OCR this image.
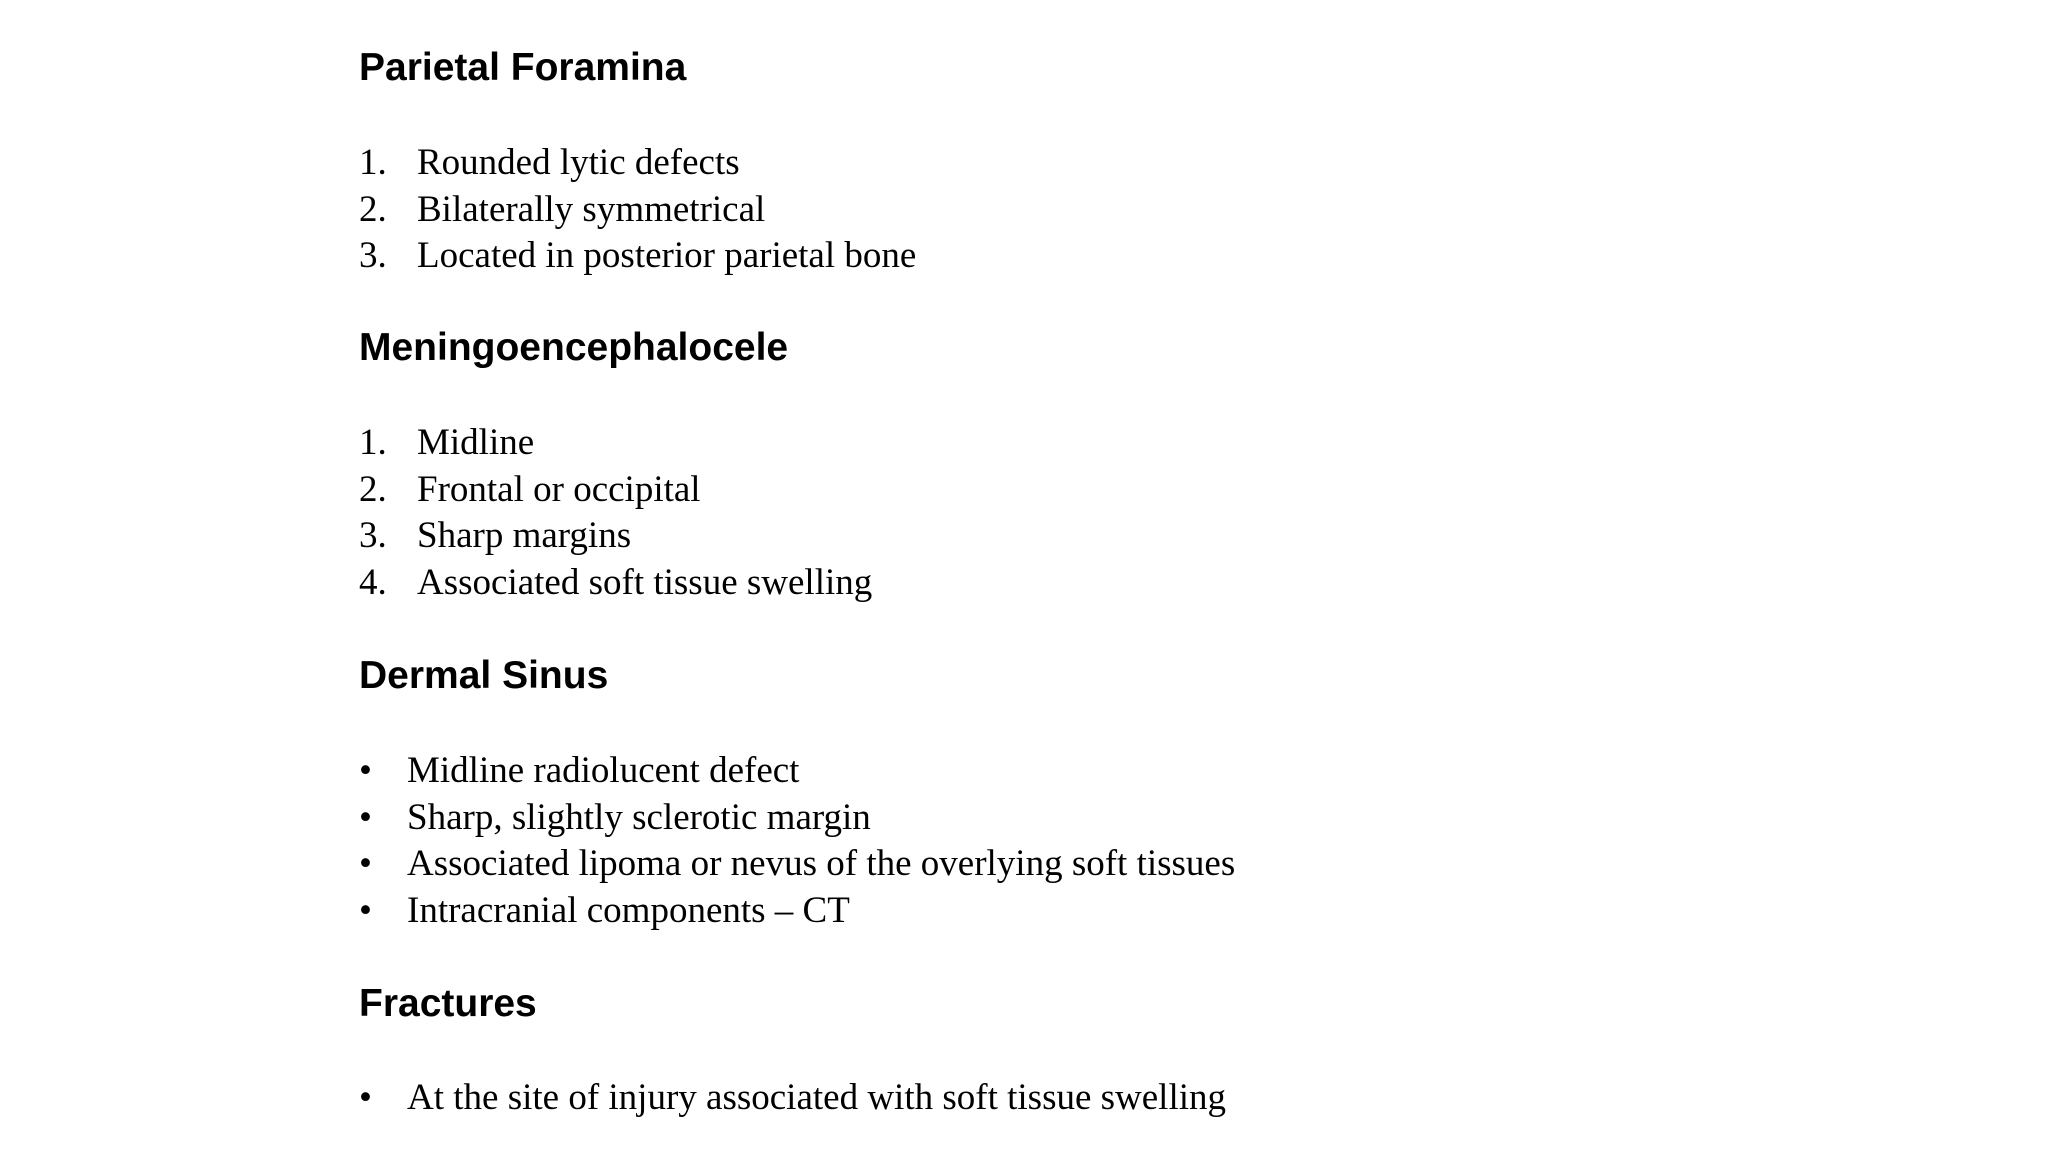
Parietal Foramina
1. Rounded lytic defects
2. Bilaterally symmetrical
3. Located in posterior parietal bone
Meningoencephalocele
1. Midline
2. Frontal or occipital
3. Sharp margins
4. Associated soft tissue swelling
Dermal Sinus
• Midline radiolucent defect
• Sharp, slightly sclerotic margin
• Associated lipoma or nevus of the overlying soft tissues
• Intracranial components – CT
Fractures
• At the site of injury associated with soft tissue swelling
